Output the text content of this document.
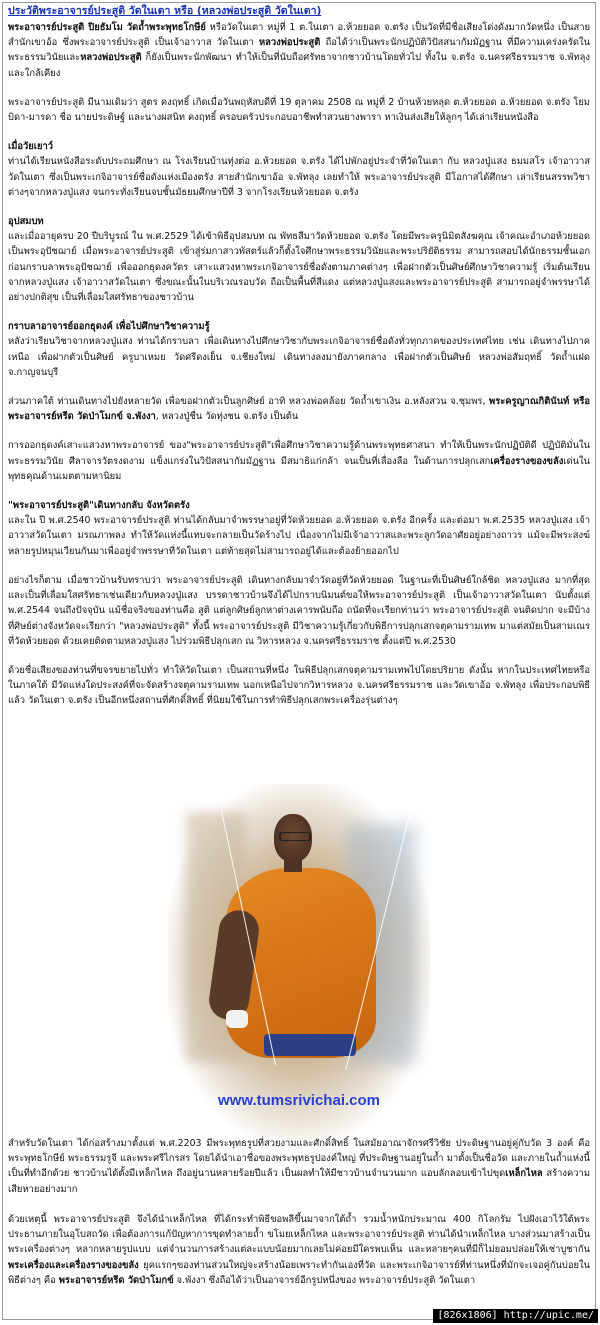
ประวัติพระอาจารย์ประสูติ วัดในเตา หรือ (หลวงพ่อประสูติ วัดในเตา)

พระอาจารย์ประสูติ ปิยธัมโม วัดถ้ำพระพุทธโกษีย์ หรือวัดในเตา หมู่ที่ 1 ต.ในเตา อ.ห้วยยอด จ.ตรัง เป็นวัดที่มีชื่อเสียงโด่งดังมากวัดหนึ่ง เป็นสายสำนักเขาอ้อ ซึ่งพระอาจารย์ประสูติ เป็นเจ้าอาวาส วัดในเตา หลวงพ่อประสูติ ถือได้ว่าเป็นพระนักปฏิบัติวิปัสสนากัมมัฏฐาน ที่มีความเคร่งครัดในพระธรรมวินัยและหลวงพ่อประสูติ ก็ยังเป็นพระนักพัฒนา ทำให้เป็นที่นับถือศรัทธาจากชาวบ้านโดยทั่วไป ทั้งใน จ.ตรัง จ.นครศรีธรรมราช จ.พัทลุง และใกล้เคียง

พระอาจารย์ประสูติ มีนามเดิมว่า สูตร คงฤทธิ์ เกิดเมื่อวันพฤหัสบดีที่ 19 ตุลาคม 2508 ณ หมู่ที่ 2 บ้านห้วยหลุด ต.ห้วยยอด อ.ห้วยยอด จ.ตรัง โยมบิดา-มารดา ชื่อ นายประดิษฐ์ และนางผสนิท คงฤทธิ์ ครอบครัวประกอบอาชีพทำสวนยางพารา หาเงินส่งเสียให้ลูกๆ ได้เล่าเรียนหนังสือ

เมื่อวัยเยาว์

ท่านได้เรียนหนังสือระดับประถมศึกษา ณ โรงเรียนบ้านทุ่งต่อ อ.ห้วยยอด จ.ตรัง ได้ไปพักอยู่ประจำที่วัดในเตา กับ หลวงปู่แสง ธมมสโร เจ้าอาวาสวัดในเตา ซึ่งเป็นพระเกจิอาจารย์ชื่อดังแห่งเมืองตรัง สายสำนักเขาอ้อ จ.พัทลุง เลยทำให้ พระอาจารย์ประสูติ มีโอกาสได้ศึกษา เล่าเรียนสรรพวิชาต่างๆจากหลวงปู่แสง จนกระทั่งเรียนจบชั้นมัธยมศึกษาปีที่ 3 จากโรงเรียนห้วยยอด จ.ตรัง

อุปสมบท

และเมื่ออายุครบ 20 ปีบริบูรณ์ ใน พ.ศ.2529 ได้เข้าพิธีอุปสมบท ณ พัทธสีมาวัดห้วยยอด จ.ตรัง โดยมีพระครูนิมิตสังฆคุณ เจ้าคณะอำเภอห้วยยอด เป็นพระอุปัชฌาย์ เมื่อพระอาจารย์ประสูติ เข้าสู่ร่มกาสาวพัสตร์แล้วก็ตั้งใจศึกษาพระธรรมวินัยและพระปริยัติธรรม สามารถสอบได้นักธรรมชั้นเอก ก่อนกราบลาพระอุปัชฌาย์ เพื่อออกธุดงควัตร เสาะแสวงหาพระเกจิอาจารย์ชื่อดังตามภาคต่างๆ เพื่อฝากตัวเป็นศิษย์ศึกษาวิชาความรู้ เริ่มต้นเรียนจากหลวงปู่แสง เจ้าอาวาสวัดในเตา ซึ่งขณะนั้นในบริเวณรอบวัด ถือเป็นพื้นที่สีแดง แต่หลวงปู่แสงและพระอาจารย์ประสูติ สามารถอยู่จำพรรษาได้อย่างปกติสุข เป็นที่เลื่อมใสศรัทธาของชาวบ้าน

กราบลาอาจารย์ออกธุดงค์ เพื่อไปศึกษาวิชาความรู้

หลังว่าเรียนวิชาจากหลวงปู่แสง ท่านได้กราบลา เพื่อเดินทางไปศึกษาวิชากับพระเกจิอาจารย์ชื่อดังทั่วทุกภาคของประเทศไทย เช่น เดินทางไปภาคเหนือ เพื่อฝากตัวเป็นศิษย์ ครูบาเหมย วัดศรีดงเย็น จ.เชียงใหม่ เดินทางลงมายังภาคกลาง เพื่อฝากตัวเป็นศิษย์ หลวงพ่อสัมฤทธิ์ วัดถ้ำแฝด จ.กาญจนบุรี

ส่วนภาคใต้ ท่านเดินทางไปยังหลายวัด เพื่อขอฝากตัวเป็นลูกศิษย์ อาทิ หลวงพ่อคล้อย วัดถ้ำเขาเงิน อ.หลังสวน จ.ชุมพร, พระครูญาณกิตินันท์ หรือพระอาจารย์หรีด วัดป่าโมกข์ จ.พังงา, หลวงปู่ชื่น วัดทุ่งชน จ.ตรัง เป็นต้น

การออกธุดงค์เสาะแสวงหาพระอาจารย์ ของ"พระอาจารย์ประสูติ"เพื่อศึกษาวิชาความรู้ด้านพระพุทธศาสนา ทำให้เป็นพระนักปฏิบัติดี ปฏิบัติมั่นในพระธรรมวินัย ศีลาจารวัตรงดงาม แข็งแกร่งในวิปัสสนากัมมัฏฐาน มีสมาธิแก่กล้า จนเป็นที่เลื่องลือ ในด้านการปลุกเสกเครื่องรางของขลังเด่นในพุทธคุณด้านเมตตามหานิยม

"พระอาจารย์ประสูติ"เดินทางกลับ จังหวัดตรัง

และใน ปี พ.ศ.2540 พระอาจารย์ประสูติ ท่านได้กลับมาจำพรรษาอยู่ที่วัดห้วยยอด อ.ห้วยยอด จ.ตรัง อีกครั้ง และต่อมา พ.ศ.2535 หลวงปู่แสง เจ้าอาวาสวัดในเตา มรณภาพลง ทำให้วัดแห่งนี้แทบจะกลายเป็นวัดร้างไป เนื่องจากไม่มีเจ้าอาวาสและพระลูกวัดอาศัยอยู่อย่างถาวร แม้จะมีพระสงฆ์หลายรูปหมุนเวียนกันมาเพื่ออยู่จำพรรษาที่วัดในเตา แต่ท้ายสุดไม่สามารถอยู่ได้และต้องย้ายออกไป

อย่างไรก็ตาม เมื่อชาวบ้านรับทราบว่า พระอาจารย์ประสูติ เดินทางกลับมาจำวัดอยู่ที่วัดห้วยยอด ในฐานะที่เป็นศิษย์ใกล้ชิด หลวงปู่แสง มากที่สุด และเป็นที่เลื่อมใสศรัทธาเช่นเดียวกับหลวงปู่แสง บรรดาชาวบ้านจึงได้ไปกราบนิมนต์ขอให้พระอาจารย์ประสูติ เป็นเจ้าอาวาสวัดในเตา นับตั้งแต่ พ.ศ.2544 จนถึงปัจจุบัน แม้ชื่อจริงของท่านคือ สูติ แต่ลูกศิษย์ลูกหาต่างเคารพนับถือ ถนัดที่จะเรียกท่านว่า พระอาจารย์ประสูติ จนติดปาก จะมีบ้างที่ศิษย์ต่างจังหวัดจะเรียกว่า "หลวงพ่อประสูติ" ทั้งนี้ พระอาจารย์ประสูติ มีวิชาความรู้เกี่ยวกับพิธีการปลุกเสกจตุคามรามเทพ มาแต่สมัยเป็นสามเณร ที่วัดห้วยยอด ด้วยเคยติดตามหลวงปู่แสง ไปร่วมพิธีปลุกเสก ณ วิหารหลวง จ.นครศรีธรรมราช ตั้งแต่ปี พ.ศ.2530

ด้วยชื่อเสียงของท่านที่ขจรขยายไปทั่ว ทำให้วัดในเตา เป็นสถานที่หนึ่ง ในพิธีปลุกเสกจตุคามรามเทพไปโดยปริยาย ดังนั้น หากในประเทศไทยหรือในภาคใต้ มีวัดแห่งใดประสงค์ที่จะจัดสร้างจตุคามรามเทพ นอกเหนือไปจากวิหารหลวง จ.นครศรีธรรมราช และวัดเขาอ้อ จ.พัทลุง เพื่อประกอบพิธีแล้ว วัดในเตา จ.ตรัง เป็นอีกหนึ่งสถานที่ศักดิ์สิทธิ์ ที่นิยมใช้ในการทำพิธีปลุกเสกพระเครื่องรุ่นต่างๆ

www.tumsrivichai.com

สำหรับวัดในเตา ได้ก่อสร้างมาตั้งแต่ พ.ศ.2203 มีพระพุทธรูปที่สวยงามและศักดิ์สิทธิ์ ในสมัยอาณาจักรศรีวิชัย ประดิษฐานอยู่คู่กับวัด 3 องค์ คือ พระพุทธโกษีย์ พระธรรมรูจี และพระศรีไกรสร โดยได้นำเอาชื่อของพระพุทธรูปองค์ใหญ่ ที่ประดิษฐานอยู่ในถ้ำ มาตั้งเป็นชื่อวัด และภายในถ้ำแห่งนี้ เป็นที่ทำอีกด้วย ชาวบ้านได้ตั้งมีเหล็กไหล ถึงอยู่นานหลายร้อยปีแล้ว เป็นผลทำให้มีชาวบ้านจำนวนมาก แอบลักลอบเข้าไปขุดเหล็กไหล สร้างความเสียหายอย่างมาก

ด้วยเหตุนี้ พระอาจารย์ประสูติ จึงได้นำเหล็กไหล ที่ได้กระทำพิธีขอพลีขึ้นมาจากใต้ถ้ำ รวมน้ำหนักประมาณ 400 กิโลกรัม ไปฝังเอาไว้ใต้พระประธานภายในอุโบสถวัด เพื่อต้องการแก้ปัญหาการขุดทำลายถ้ำ ขโมยเหล็กไหล และพระอาจารย์ประสูติ ท่านได้นำเหล็กไหล บางส่วนมาสร้างเป็นพระเครื่องต่างๆ หลากหลายรูปแบบ แต่จำนวนการสร้างแต่ละแบบน้อยมากเลยไม่ค่อยมีใครพบเห็น และหลายๆคนที่มีก็ไม่ยอมปล่อยให้เช่าบูชากัน พระเครื่องและเครื่องรางของขลัง ยุคแรกๆของท่านส่วนใหญ่จะสร้างน้อยเพราะทำกันเองที่วัด และพระเกจิอาจารย์ที่ท่านหนึ่งที่มักจะเจอคู่กันบ่อยในพิธีต่างๆ คือ พระอาจารย์หรีด วัดป่าโมกข์ จ.พังงา ซึ่งถือได้ว่าเป็นอาจารย์อีกรูปหนึ่งของ พระอาจารย์ประสูติ วัดในเตา

[826x1806] http://upic.me/
